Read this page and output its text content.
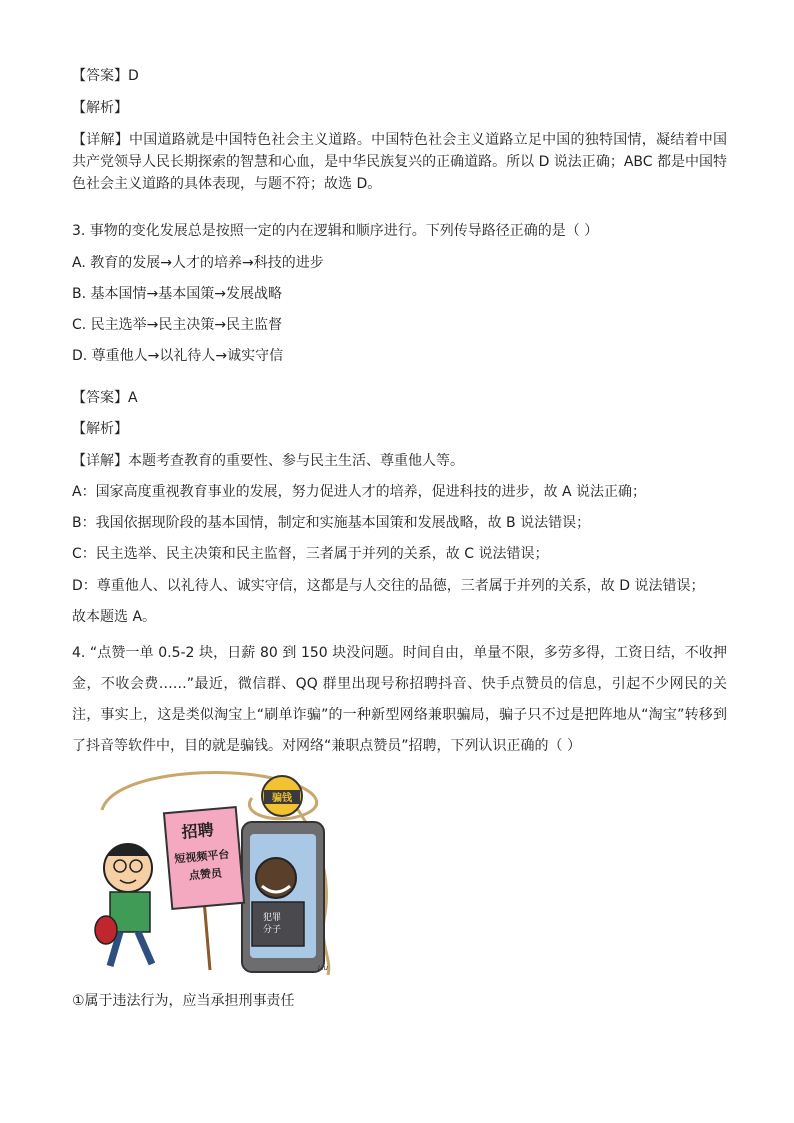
【答案】D
【解析】
【详解】中国道路就是中国特色社会主义道路。中国特色社会主义道路立足中国的独特国情，凝结着中国共产党领导人民长期探索的智慧和心血，是中华民族复兴的正确道路。所以 D 说法正确；ABC 都是中国特色社会主义道路的具体表现，与题不符；故选 D。
3. 事物的变化发展总是按照一定的内在逻辑和顺序进行。下列传导路径正确的是（ ）
A. 教育的发展→人才的培养→科技的进步
B. 基本国情→基本国策→发展战略
C. 民主选举→民主决策→民主监督
D. 尊重他人→以礼待人→诚实守信
【答案】A
【解析】
【详解】本题考查教育的重要性、参与民主生活、尊重他人等。
A：国家高度重视教育事业的发展，努力促进人才的培养，促进科技的进步，故 A 说法正确；
B：我国依据现阶段的基本国情，制定和实施基本国策和发展战略，故 B 说法错误；
C：民主选举、民主决策和民主监督，三者属于并列的关系，故 C 说法错误；
D：尊重他人、以礼待人、诚实守信，这都是与人交往的品德，三者属于并列的关系，故 D 说法错误；
故本题选 A。
4. “点赞一单 0.5-2 块，日薪 80 到 150 块没问题。时间自由，单量不限，多劳多得，工资日结，不收押金，不收会费……”最近，微信群、QQ 群里出现号称招聘抖音、快手点赞员的信息，引起不少网民的关注，事实上，这是类似淘宝上“刷单诈骗”的一种新型网络兼职骗局，骗子只不过是把阵地从“淘宝”转移到了抖音等软件中，目的就是骗钱。对网络“兼职点赞员”招聘，下列认识正确的（ ）
骗钱
犯罪
分子
招聘
短视频平台
点赞员
Liu
①属于违法行为，应当承担刑事责任
